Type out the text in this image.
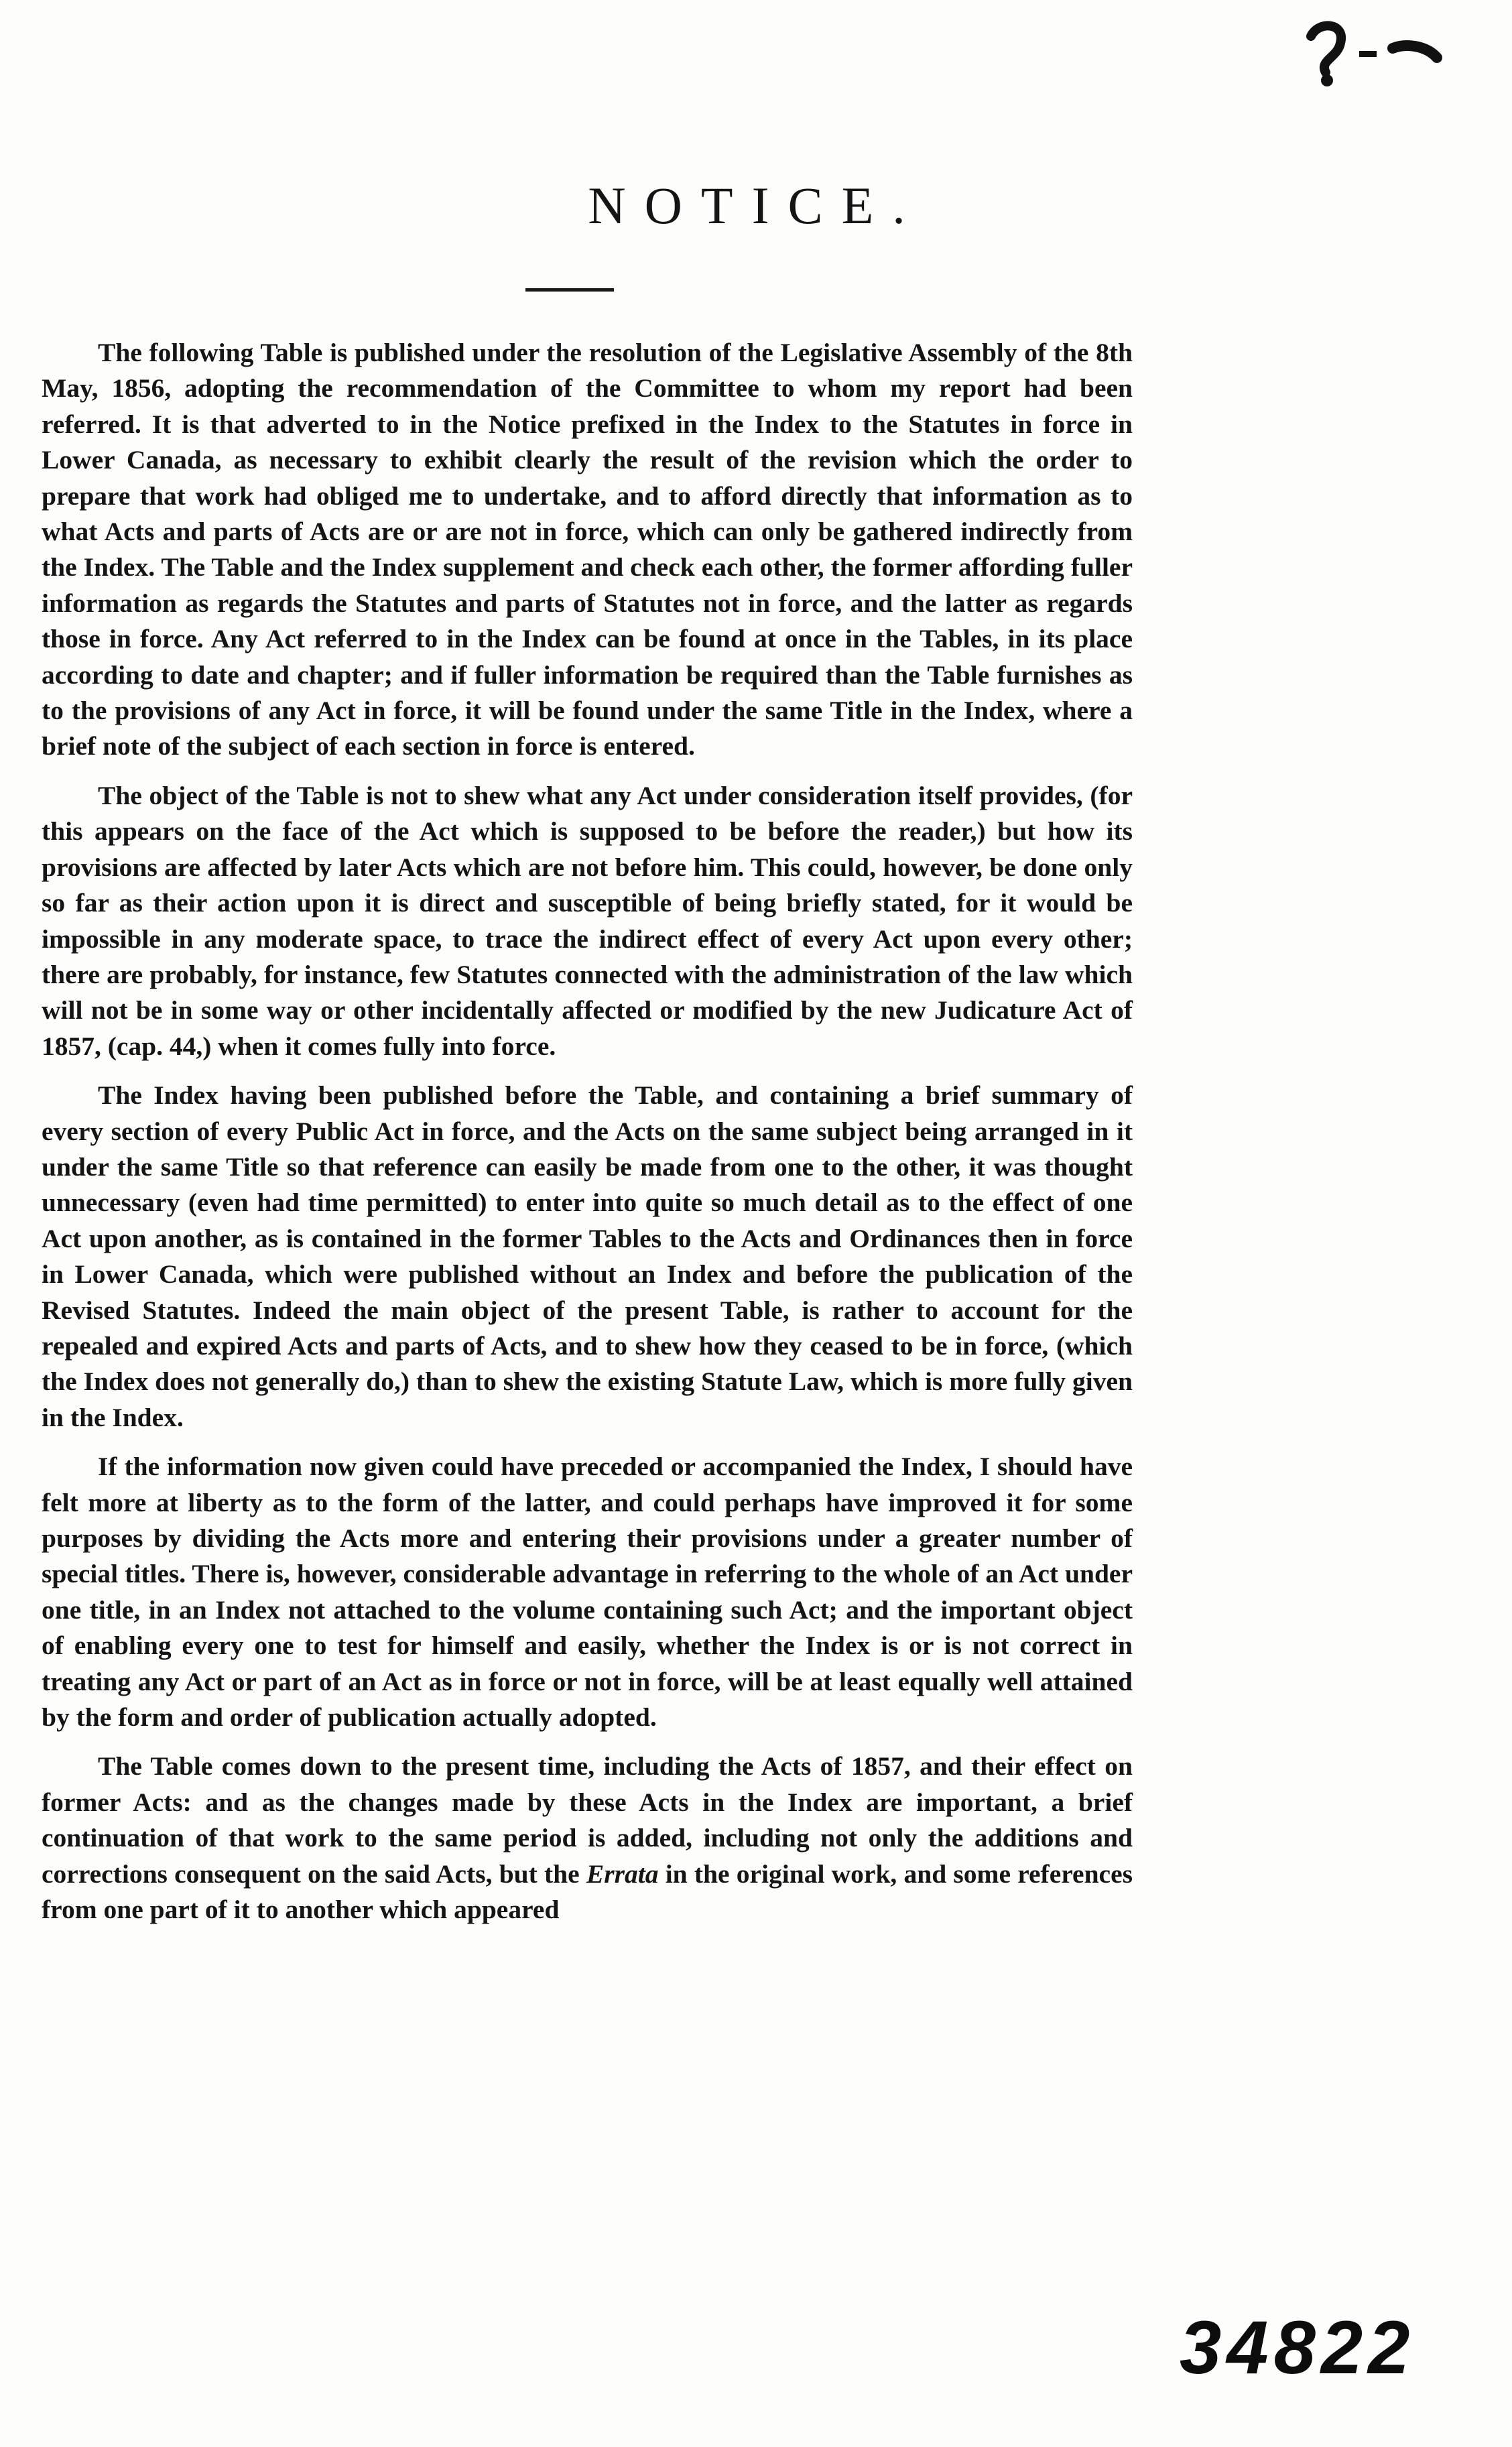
NOTICE.

The following Table is published under the resolution of the Legislative Assembly of the 8th May, 1856, adopting the recommendation of the Committee to whom my report had been referred. It is that adverted to in the Notice prefixed in the Index to the Statutes in force in Lower Canada, as necessary to exhibit clearly the result of the revision which the order to prepare that work had obliged me to undertake, and to afford directly that information as to what Acts and parts of Acts are or are not in force, which can only be gathered indirectly from the Index. The Table and the Index supplement and check each other, the former affording fuller information as regards the Statutes and parts of Statutes not in force, and the latter as regards those in force. Any Act referred to in the Index can be found at once in the Tables, in its place according to date and chapter; and if fuller information be required than the Table furnishes as to the provisions of any Act in force, it will be found under the same Title in the Index, where a brief note of the subject of each section in force is entered.

The object of the Table is not to shew what any Act under consideration itself provides, (for this appears on the face of the Act which is supposed to be before the reader,) but how its provisions are affected by later Acts which are not before him. This could, however, be done only so far as their action upon it is direct and susceptible of being briefly stated, for it would be impossible in any moderate space, to trace the indirect effect of every Act upon every other; there are probably, for instance, few Statutes connected with the administration of the law which will not be in some way or other incidentally affected or modified by the new Judicature Act of 1857, (cap. 44,) when it comes fully into force.

The Index having been published before the Table, and containing a brief summary of every section of every Public Act in force, and the Acts on the same subject being arranged in it under the same Title so that reference can easily be made from one to the other, it was thought unnecessary (even had time permitted) to enter into quite so much detail as to the effect of one Act upon another, as is contained in the former Tables to the Acts and Ordinances then in force in Lower Canada, which were published without an Index and before the publication of the Revised Statutes. Indeed the main object of the present Table, is rather to account for the repealed and expired Acts and parts of Acts, and to shew how they ceased to be in force, (which the Index does not generally do,) than to shew the existing Statute Law, which is more fully given in the Index.

If the information now given could have preceded or accompanied the Index, I should have felt more at liberty as to the form of the latter, and could perhaps have improved it for some purposes by dividing the Acts more and entering their provisions under a greater number of special titles. There is, however, considerable advantage in referring to the whole of an Act under one title, in an Index not attached to the volume containing such Act; and the important object of enabling every one to test for himself and easily, whether the Index is or is not correct in treating any Act or part of an Act as in force or not in force, will be at least equally well attained by the form and order of publication actually adopted.

The Table comes down to the present time, including the Acts of 1857, and their effect on former Acts: and as the changes made by these Acts in the Index are important, a brief continuation of that work to the same period is added, including not only the additions and corrections consequent on the said Acts, but the Errata in the original work, and some references from one part of it to another which appeared

34822
